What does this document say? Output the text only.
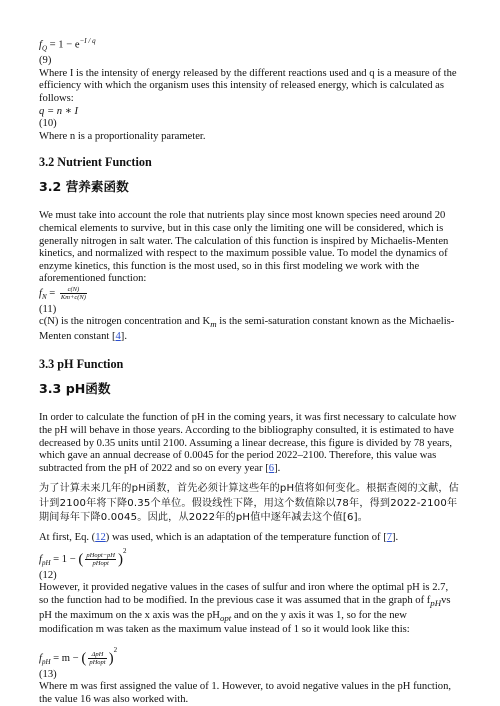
$f_Q = 1 - e^{-I / q}$

(9)

Where I is the intensity of energy released by the different reactions used and q is a measure of the efficiency with which the organism uses this intensity of released energy, which is calculated as follows:

q = n ∗ I

(10)

Where n is a proportionality parameter.

3.2 Nutrient Function
3.2 营养素函数

We must take into account the role that nutrients play since most known species need around 20 chemical elements to survive, but in this case only the limiting one will be considered, which is generally nitrogen in salt water. The calculation of this function is inspired by Michaelis-Menten kinetics, and normalized with respect to the maximum possible value. To model the dynamics of enzyme kinetics, this function is the most used, so in this first modeling we work with the aforementioned function:

$f_N = \frac{c(N)}{Km+c(N)}$

(11)

c(N) is the nitrogen concentration and $K_m$ is the semi-saturation constant known as the Michaelis-Menten constant [4].

3.3 pH Function
3.3 pH函数

In order to calculate the function of pH in the coming years, it was first necessary to calculate how the pH will behave in those years. According to the bibliography consulted, it is estimated to have decreased by 0.35 units until 2100. Assuming a linear decrease, this figure is divided by 78 years, which gave an annual decrease of 0.0045 for the period 2022–2100. Therefore, this value was subtracted from the pH of 2022 and so on every year [6].

为了计算未来几年的pH函数，首先必须计算这些年的pH值将如何变化。根据查阅的文献，估计到2100年将下降0.35个单位。假设线性下降，用这个数值除以78年，得到2022-2100年期间每年下降0.0045。因此，从2022年的pH值中逐年减去这个值[6]。

At first, Eq. (12) was used, which is an adaptation of the temperature function of [7].

$f_{pH} = 1$ − ( $\frac{\text{pHopt−pH}}{\text{pHopt}} )^2$

(12)

However, it provided negative values in the cases of sulfur and iron where the optimal pH is 2.7, so the function had to be modified. In the previous case it was assumed that in the graph of $f_{pH}vs$ pH the maximum on the x axis was the $pH_{opt}$ and on the y axis it was 1, so for the new modification m was taken as the maximum value instead of 1 so it would look like this:

$f_{pH} = m$ − ( $\frac{\text{ΔpH}}{\text{pHopt}} )^2$

(13)

Where m was first assigned the value of 1. However, to avoid negative values in the pH function, the value 16 was also worked with.
